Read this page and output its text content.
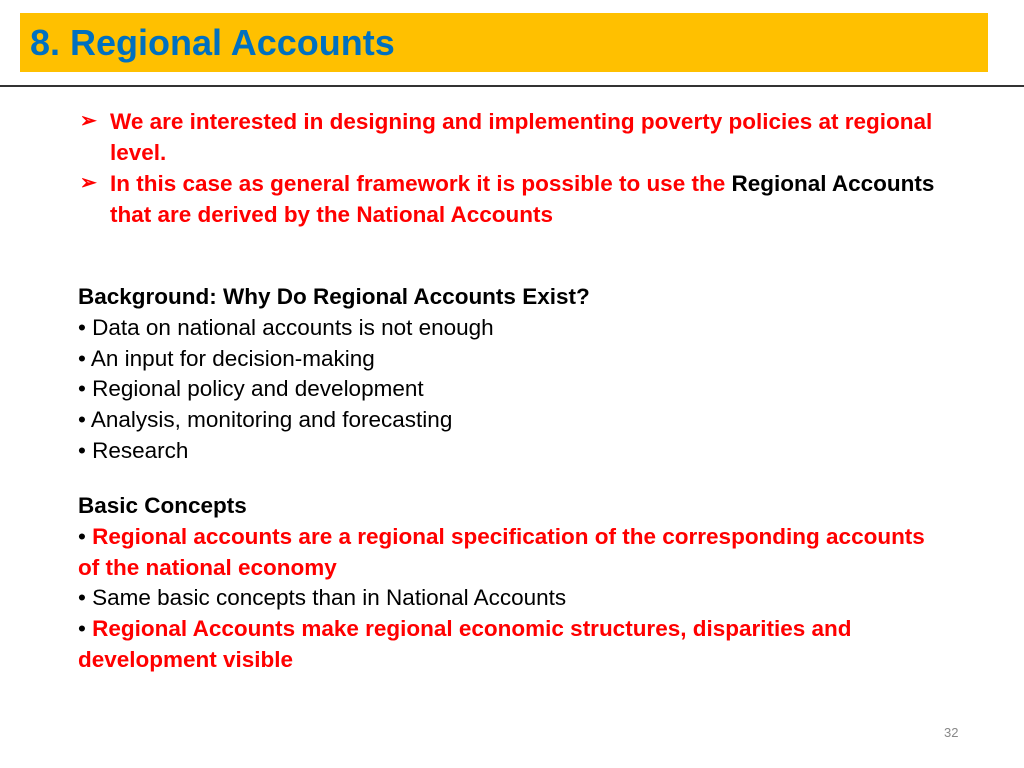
8. Regional Accounts
➢ We are interested in designing and implementing poverty policies at regional level.
➢ In this case as general framework it is possible to use the Regional Accounts that are derived by the National Accounts
Background: Why Do Regional Accounts Exist?
• Data on national accounts is not enough
• An input for decision-making
• Regional policy and development
• Analysis, monitoring and forecasting
• Research
Basic Concepts
• Regional accounts are a regional specification of the corresponding accounts of the national economy
• Same basic concepts than in National Accounts
• Regional Accounts make regional economic structures, disparities and development visible
32
